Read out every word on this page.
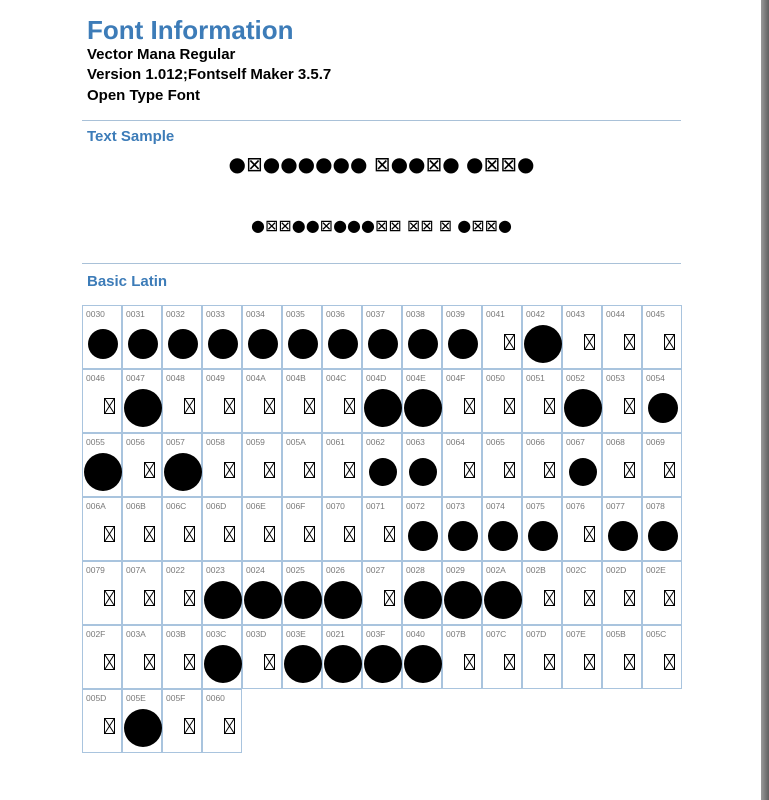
Font Information
Vector Mana Regular
Version 1.012;Fontself Maker 3.5.7
Open Type Font
Text Sample
●⊠●●●●●● ⊠●●⊠● ●⊠⊠●
●⊠⊠●●⊠●●●⊠⊠ ⊠⊠ ⊠ ●⊠⊠●
Basic Latin
0030 0031 0032 0033 0034 0035 0036 0037 0038 0039 0041 0042 0043 0044 0045
0046 0047 0048 0049 004A 004B 004C 004D 004E 004F 0050 0051 0052 0053 0054
0055 0056 0057 0058 0059 005A 0061 0062 0063 0064 0065 0066 0067 0068 0069
006A 006B 006C 006D 006E 006F 0070 0071 0072 0073 0074 0075 0076 0077 0078
0079 007A 0022 0023 0024 0025 0026 0027 0028 0029 002A 002B 002C 002D 002E
002F 003A 003B 003C 003D 003E 0021 003F 0040 007B 007C 007D 007E 005B 005C
005D 005E 005F 0060
